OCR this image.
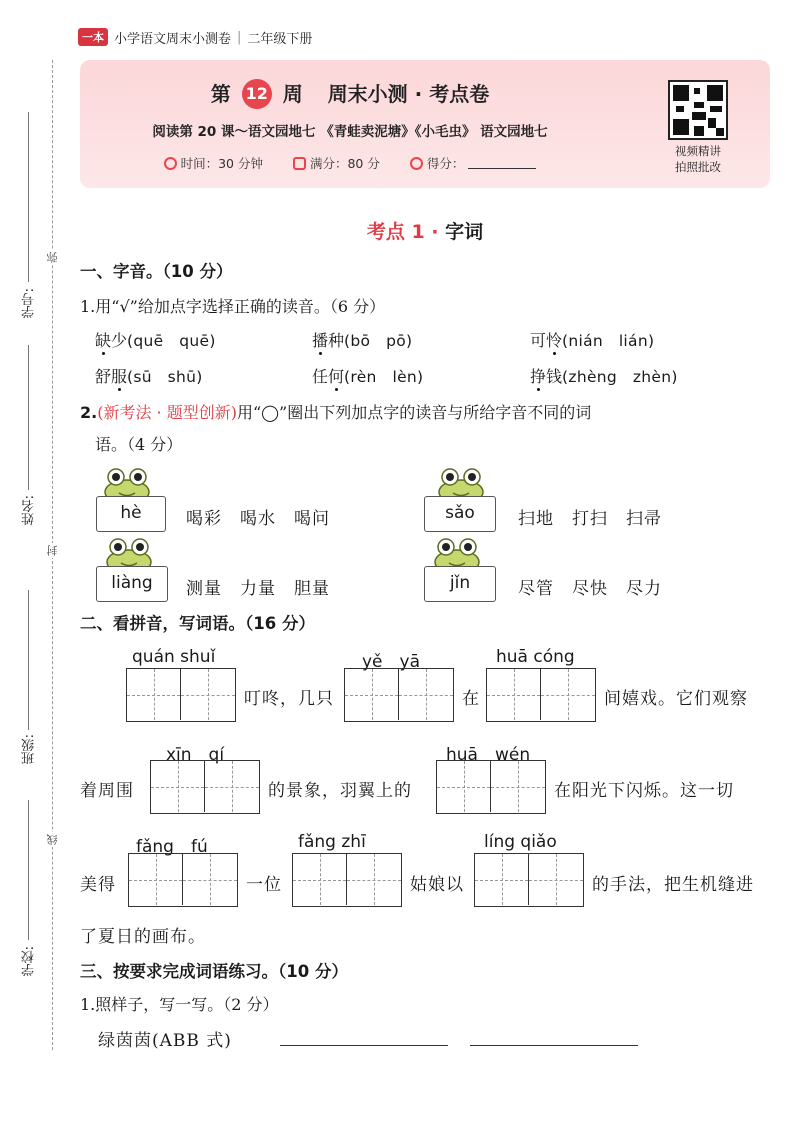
一本 小学语文周末小测卷 | 二年级下册
弥
学号:
姓名:
封
班级:
线
学校:
第 12 周 周末小测 · 考点卷
阅读第 20 课～语文园地七 《青蛙卖泥塘》《小毛虫》 语文园地七
时间：30 分钟	满分：80 分	得分：
视频精讲
拍照批改
考点 1 · 字词
一、字音。（10 分）
1.用“√”给加点字选择正确的读音。（6 分）
缺少(quē　quē)	播种(bō　pō)	可怜(nián　lián)
舒服(sū　shū)	任何(rèn　lèn)	挣钱(zhèng　zhèn)
2.(新考法 · 题型创新)用“◯”圈出下列加点字的读音与所给字音不同的词
语。（4 分）
hè	喝彩　喝水　喝问	sǎo	扫地　打扫　扫帚
liàng	测量　力量　胆量	jǐn	尽管　尽快　尽力
二、看拼音，写词语。（16 分）
quán shuǐ	yě　yā	huā cóng
叮咚，几只	在	间嬉戏。它们观察
xīn　qí	huā　wén
着周围	的景象，羽翼上的	在阳光下闪烁。这一切
fǎng　fú	fǎng zhī	líng qiǎo
美得	一位	姑娘以	的手法，把生机缝进
了夏日的画布。
三、按要求完成词语练习。（10 分）
1.照样子，写一写。（2 分）
绿茵茵(ABB 式)
